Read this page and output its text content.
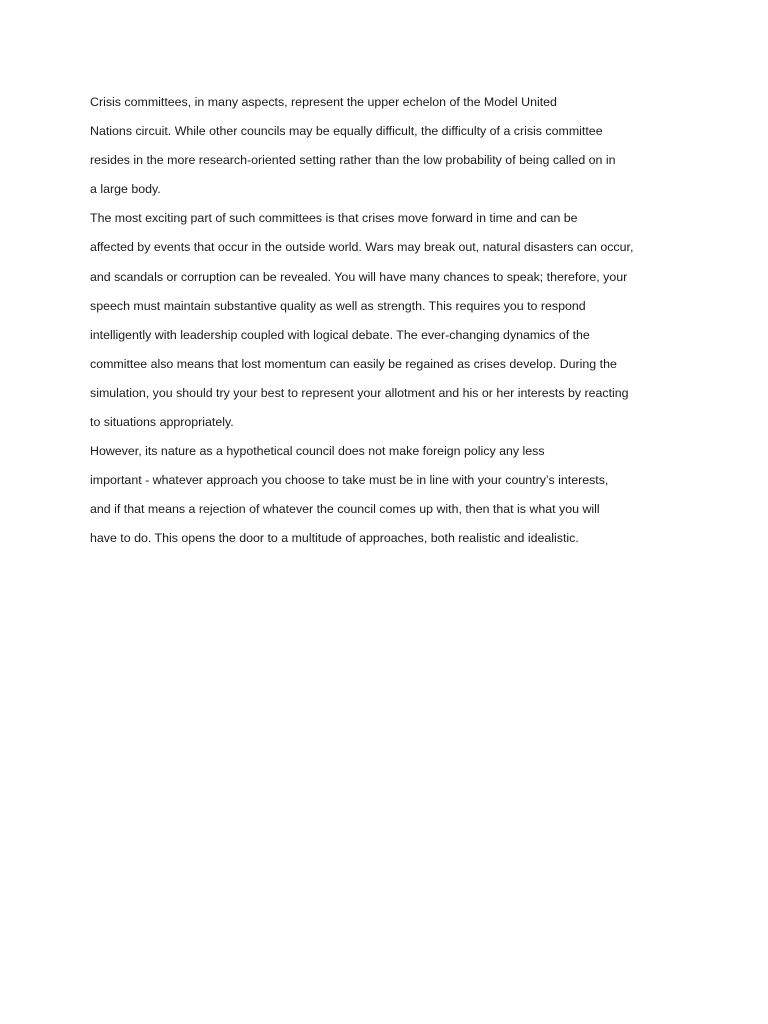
Crisis committees, in many aspects, represent the upper echelon of the Model United
Nations circuit. While other councils may be equally difficult, the difficulty of a crisis committee
resides in the more research-oriented setting rather than the low probability of being called on in
a large body.
The most exciting part of such committees is that crises move forward in time and can be
affected by events that occur in the outside world. Wars may break out, natural disasters can occur,
and scandals or corruption can be revealed. You will have many chances to speak; therefore, your
speech must maintain substantive quality as well as strength. This requires you to respond
intelligently with leadership coupled with logical debate. The ever-changing dynamics of the
committee also means that lost momentum can easily be regained as crises develop. During the
simulation, you should try your best to represent your allotment and his or her interests by reacting
to situations appropriately.
However, its nature as a hypothetical council does not make foreign policy any less
important - whatever approach you choose to take must be in line with your country’s interests,
and if that means a rejection of whatever the council comes up with, then that is what you will
have to do. This opens the door to a multitude of approaches, both realistic and idealistic.
